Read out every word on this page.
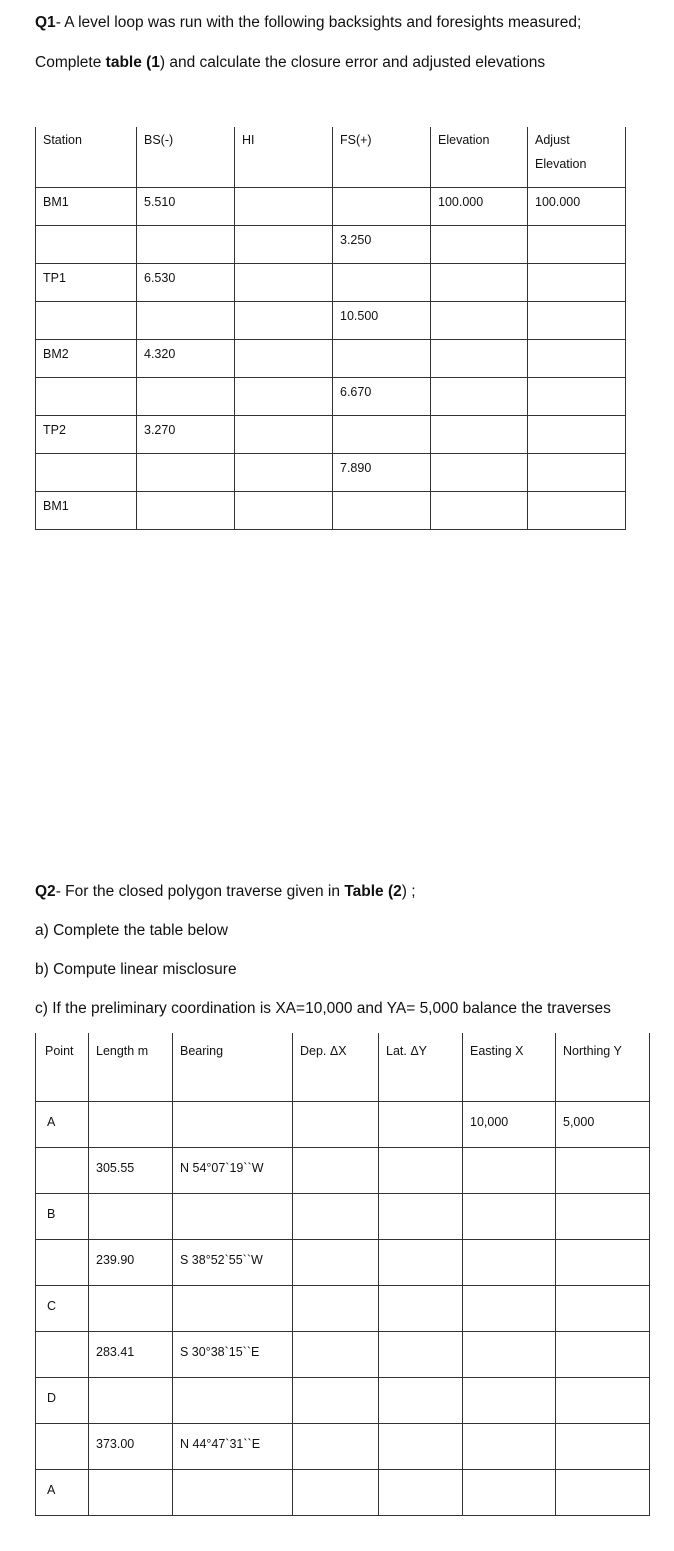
Q1- A level loop was run with the following backsights and foresights measured;
Complete table (1) and calculate the closure error and adjusted elevations
Station	BS(-)	HI	FS(+)	Elevation	Adjust
Elevation

BM1	5.510			100.000	100.000
			3.250		
TP1	6.530				
			10.500		
BM2	4.320				
			6.670		
TP2	3.270				
			7.890		
BM1					
Q2- For the closed polygon traverse given in Table (2) ;
a) Complete the table below
b) Compute linear misclosure
c) If the preliminary coordination is XA=10,000 and YA= 5,000 balance the traverses
Point	Length m	Bearing	Dep. ΔX	Lat. ΔY	Easting X	Northing Y
A					10,000	5,000
	305.55	N 54°07`19``W				
B						
	239.90	S 38°52`55``W				
C						
	283.41	S 30°38`15``E				
D						
	373.00	N 44°47`31``E				
A						
